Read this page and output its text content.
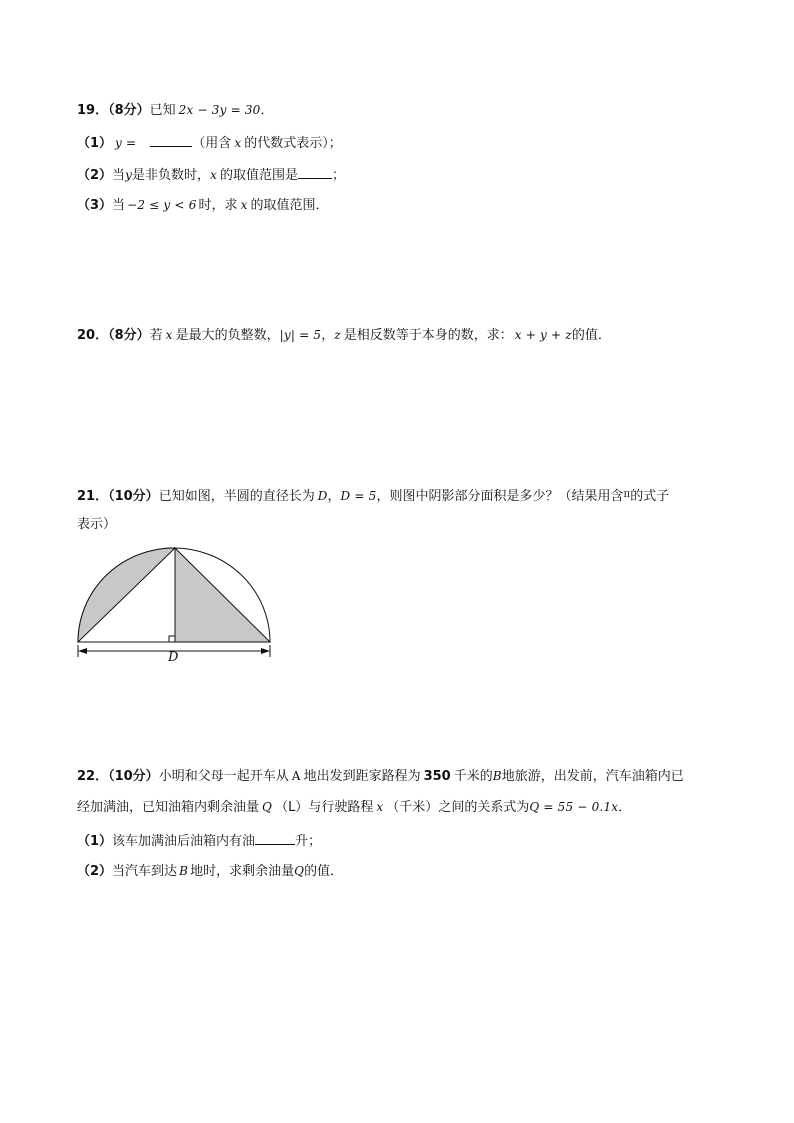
19．（8分）已知 2x − 3y = 30．
（1） y =	（用含 x 的代数式表示）；
（2）当y是非负数时，x 的取值范围是	；
（3）当 −2 ≤ y < 6 时，求 x 的取值范围．
20．（8分）若 x 是最大的负整数，|y| = 5，z 是相反数等于本身的数，求： x + y + z的值．
21．（10分）已知如图，半圆的直径长为 D，D = 5，则图中阴影部分面积是多少？（结果用含$^\pi$的式子
表示）
D
22．（10分）小明和父母一起开车从 A 地出发到距家路程为 350 千米的B地旅游，出发前，汽车油箱内已
经加满油，已知油箱内剩余油量 Q （L）与行驶路程 x （千米）之间的关系式为Q = 55 − 0.1x．
（1）该车加满油后油箱内有油	升；
（2）当汽车到达 B 地时，求剩余油量Q的值．
